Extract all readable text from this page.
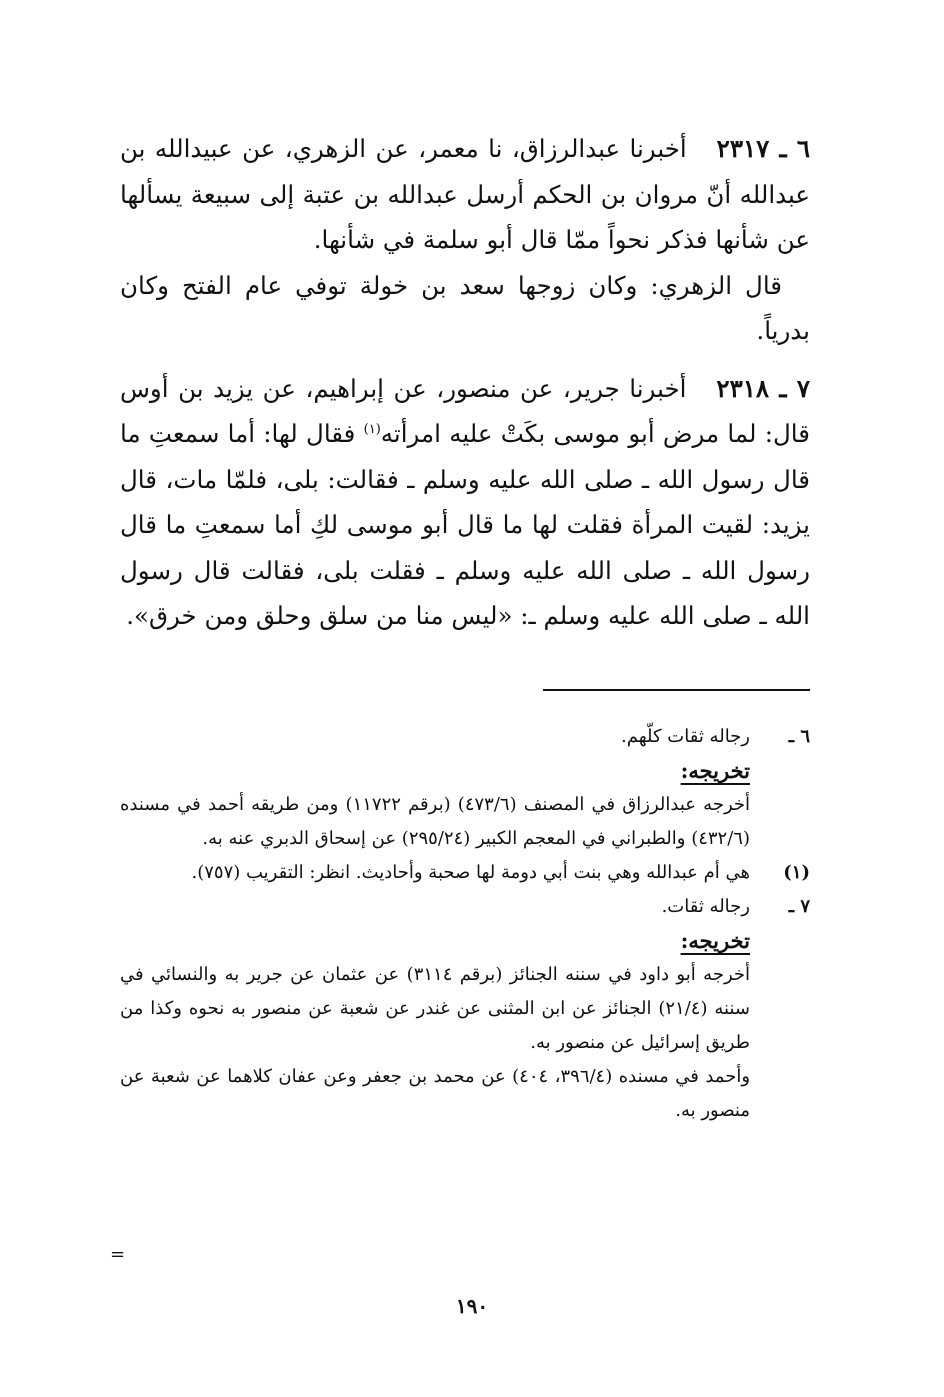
٦ ـ ٢٣١٧أخبرنا عبدالرزاق، نا معمر، عن الزهري، عن عبيدالله بن عبدالله أنّ مروان بن الحكم أرسل عبدالله بن عتبة إلى سبيعة يسألها عن شأنها فذكر نحواً ممّا قال أبو سلمة في شأنها.

قال الزهري: وكان زوجها سعد بن خولة توفي عام الفتح وكان بدرياً.

٧ ـ ٢٣١٨أخبرنا جرير، عن منصور، عن إبراهيم، عن يزيد بن أوس قال: لما مرض أبو موسى بكَتْ عليه امرأته$^{(١)}$ فقال لها: أما سمعتِ ما قال رسول الله ـ صلى الله عليه وسلم ـ فقالت: بلى، فلمّا مات، قال يزيد: لقيت المرأة فقلت لها ما قال أبو موسى لكِ أما سمعتِ ما قال رسول الله ـ صلى الله عليه وسلم ـ فقلت بلى، فقالت قال رسول الله ـ صلى الله عليه وسلم ـ: «ليس منا من سلق وحلق ومن خرق».

٦ ـ
رجاله ثقات كلّهم.
تخريجه:
أخرجه عبدالرزاق في المصنف (٤٧٣/٦) (برقم ١١٧٢٢) ومن طريقه أحمد في مسنده (٤٣٢/٦) والطبراني في المعجم الكبير (٢٩٥/٢٤) عن إسحاق الدبري عنه به.
(١)
هي أم عبدالله وهي بنت أبي دومة لها صحبة وأحاديث. انظر: التقريب (٧٥٧).
٧ ـ
رجاله ثقات.
تخريجه:
أخرجه أبو داود في سننه الجنائز (برقم ٣١١٤) عن عثمان عن جرير به والنسائي في سننه (٢١/٤) الجنائز عن ابن المثنى عن غندر عن شعبة عن منصور به نحوه وكذا من طريق إسرائيل عن منصور به.
وأحمد في مسنده (٣٩٦/٤، ٤٠٤) عن محمد بن جعفر وعن عفان كلاهما عن شعبة عن منصور به.
=
١٩٠
